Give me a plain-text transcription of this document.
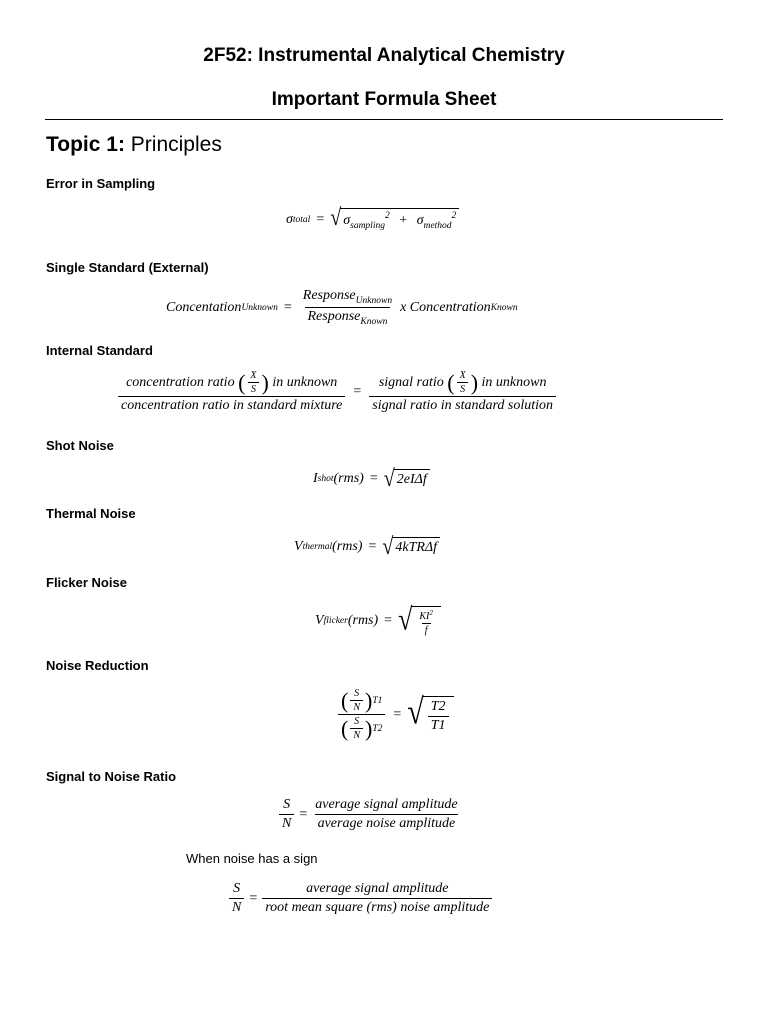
2F52: Instrumental Analytical Chemistry
Important Formula Sheet
Topic 1: Principles
Error in Sampling
σ total = √ $\sigma_{sampling}^2 + \sigma_{method}^2$
Single Standard (External)
Concentation Unknown = $\frac{Response_{Unknown}}{Response_{Known}}$ x
Concentration Known
Internal Standard
concentration ratio
( $\frac{X}{S}$ )
in unknown
concentration ratio in standard mixture = signal ratio
( $\frac{X}{S}$ )
in unknown
signal ratio in standard solution
Shot Noise
I shot (rms) = √ 2eIΔf
Thermal Noise
V thermal (rms) = √ 4kTRΔf
Flicker Noise
V flicker (rms) = √ $\frac{KI^2}{f}$
Noise Reduction
$\frac{( \frac{S}{N} ) T1}{( \frac{S}{N} ) T2}$ = √ $\frac{T2}{T1}$
Signal to Noise Ratio
$\frac{S}{N} = \frac{\text{average signal amplitude}}{\text{average noise amplitude}}$
When noise has a sign
$\frac{S}{N} = \frac{\text{average signal amplitude}}{\text{root mean square (rms) noise amplitude}}$
